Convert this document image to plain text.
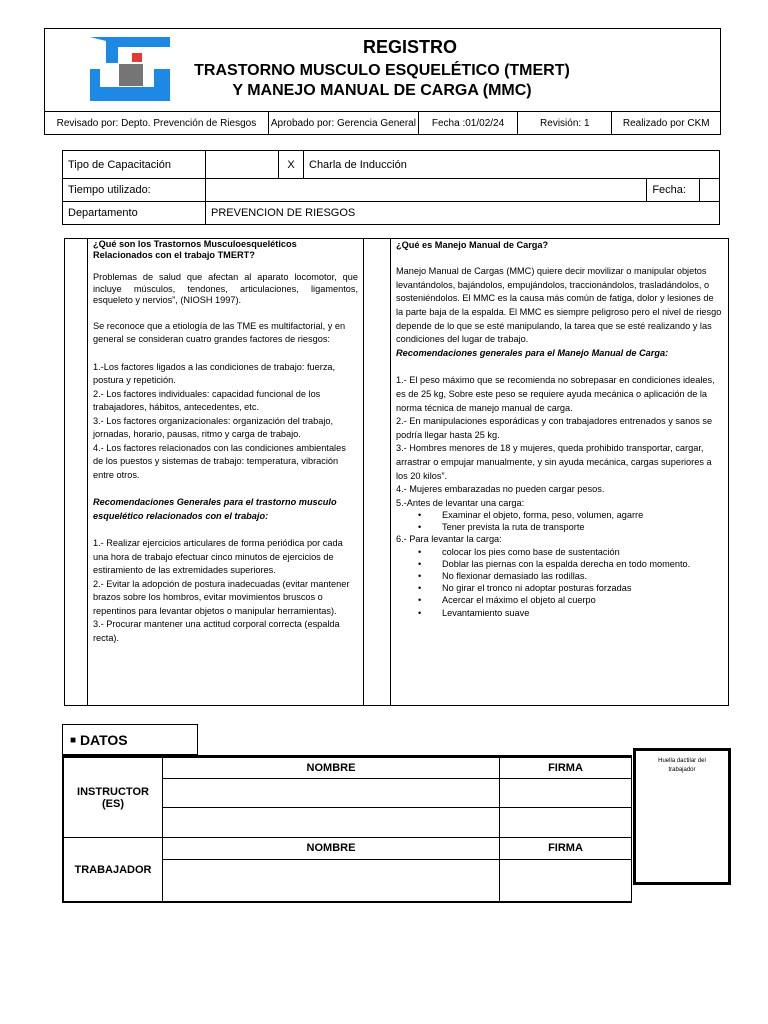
REGISTRO
TRASTORNO MUSCULO ESQUELÉTICO (TMERT)
Y MANEJO MANUAL DE CARGA (MMC)
Revisado por: Depto. Prevención de Riesgos	Aprobado por: Gerencia General	Fecha :01/02/24	Revisión: 1	Realizado por CKM
Tipo de Capacitación		X	Charla de Inducción		
Tiempo utilizado:				Fecha:	
Departamento	PREVENCION DE RIESGOS				

¿Qué son los Trastornos Musculoesqueléticos Relacionados con el trabajo TMERT?

Problemas de salud que afectan al aparato locomotor, que incluye músculos, tendones, articulaciones, ligamentos, esqueleto y nervios”, (NIOSH 1997).

Se reconoce que a etiología de las TME es multifactorial, y en general se consideran cuatro grandes factores de riesgos:

1.-Los factores ligados a las condiciones de trabajo: fuerza, postura y repetición.

2.- Los factores individuales: capacidad funcional de los trabajadores, hábitos, antecedentes, etc.

3.- Los factores organizacionales: organización del trabajo, jornadas, horario, pausas, ritmo y carga de trabajo.

4.- Los factores relacionados con las condiciones ambientales de los puestos y sistemas de trabajo: temperatura, vibración entre otros.

Recomendaciones Generales para el trastorno musculo esquelético relacionados con el trabajo:

1.- Realizar ejercicios articulares de forma periódica por cada una hora de trabajo efectuar cinco minutos de ejercicios de estiramiento de las extremidades superiores.

2.- Evitar la adopción de postura inadecuadas (evitar mantener brazos sobre los hombros, evitar movimientos bruscos o repentinos para levantar objetos o manipular herramientas).

3.- Procurar mantener una actitud corporal correcta (espalda recta).

¿Qué es Manejo Manual de Carga?

Manejo Manual de Cargas (MMC) quiere decir movilizar o manipular objetos levantándolos, bajándolos, empujándolos, traccionándolos, trasladándolos, o sosteniéndolos. El MMC es la causa más común de fatiga, dolor y lesiones de la parte baja de la espalda. El MMC es siempre peligroso pero el nivel de riesgo depende de lo que se esté manipulando, la tarea que se esté realizando y las condiciones del lugar de trabajo.

Recomendaciones generales para el Manejo Manual de Carga:

1.- El peso máximo que se recomienda no sobrepasar en condiciones ideales, es de 25 kg, Sobre este peso se requiere ayuda mecánica o aplicación de la norma técnica de manejo manual de carga.

2.- En manipulaciones esporádicas y con trabajadores entrenados y sanos se podría llegar hasta 25 kg.

3.- Hombres menores de 18 y mujeres, queda prohibido transportar, cargar, arrastrar o empujar manualmente, y sin ayuda mecánica, cargas superiores a los 20 kilos”.

4.- Mujeres embarazadas no pueden cargar pesos.

5.-Antes de levantar una carga:

• Examinar el objeto, forma, peso, volumen, agarre
• Tener prevista la ruta de transporte

6.- Para levantar la carga:

• colocar los pies como base de sustentación
• Doblar las piernas con la espalda derecha en todo momento.
• No flexionar demasiado las rodillas.
• No girar el tronco ni adoptar posturas forzadas
• Acercar el máximo el objeto al cuerpo
• Levantamiento suave
■ DATOS
INSTRUCTOR
(ES)	NOMBRE	FIRMA

TRABAJADOR	NOMBRE	FIRMA

Huella dactilar del
trabajador
